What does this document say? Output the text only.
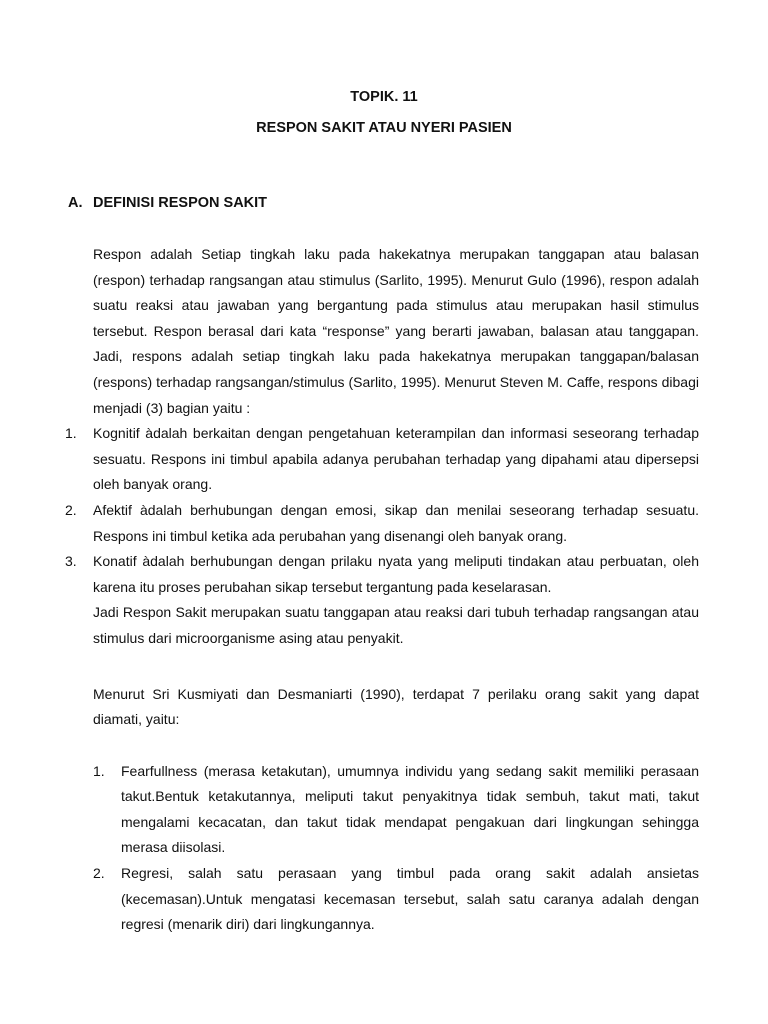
TOPIK. 11
RESPON SAKIT ATAU NYERI PASIEN
A. DEFINISI RESPON SAKIT

Respon adalah Setiap tingkah laku pada hakekatnya merupakan tanggapan atau balasan (respon) terhadap rangsangan atau stimulus (Sarlito, 1995). Menurut Gulo (1996), respon adalah suatu reaksi atau jawaban yang bergantung pada stimulus atau merupakan hasil stimulus tersebut. Respon berasal dari kata “response” yang berarti jawaban, balasan atau tanggapan. Jadi, respons adalah setiap tingkah laku pada hakekatnya merupakan tanggapan/balasan (respons) terhadap rangsangan/stimulus (Sarlito, 1995). Menurut Steven M. Caffe, respons dibagi menjadi (3) bagian yaitu :

1. Kognitif àdalah berkaitan dengan pengetahuan keterampilan dan informasi seseorang terhadap sesuatu. Respons ini timbul apabila adanya perubahan terhadap yang dipahami atau dipersepsi oleh banyak orang.
2. Afektif àdalah berhubungan dengan emosi, sikap dan menilai seseorang terhadap sesuatu. Respons ini timbul ketika ada perubahan yang disenangi oleh banyak orang.
3. Konatif àdalah berhubungan dengan prilaku nyata yang meliputi tindakan atau perbuatan, oleh karena itu proses perubahan sikap tersebut tergantung pada keselarasan.

Jadi Respon Sakit merupakan suatu tanggapan atau reaksi dari tubuh terhadap rangsangan atau stimulus dari microorganisme asing atau penyakit.

Menurut Sri Kusmiyati dan Desmaniarti (1990), terdapat 7 perilaku orang sakit yang dapat diamati, yaitu:

1. Fearfullness (merasa ketakutan), umumnya individu yang sedang sakit memiliki perasaan takut.Bentuk ketakutannya, meliputi takut penyakitnya tidak sembuh, takut mati, takut mengalami kecacatan, dan takut tidak mendapat pengakuan dari lingkungan sehingga merasa diisolasi.
2. Regresi, salah satu perasaan yang timbul pada orang sakit adalah ansietas (kecemasan).Untuk mengatasi kecemasan tersebut, salah satu caranya adalah dengan regresi (menarik diri) dari lingkungannya.
